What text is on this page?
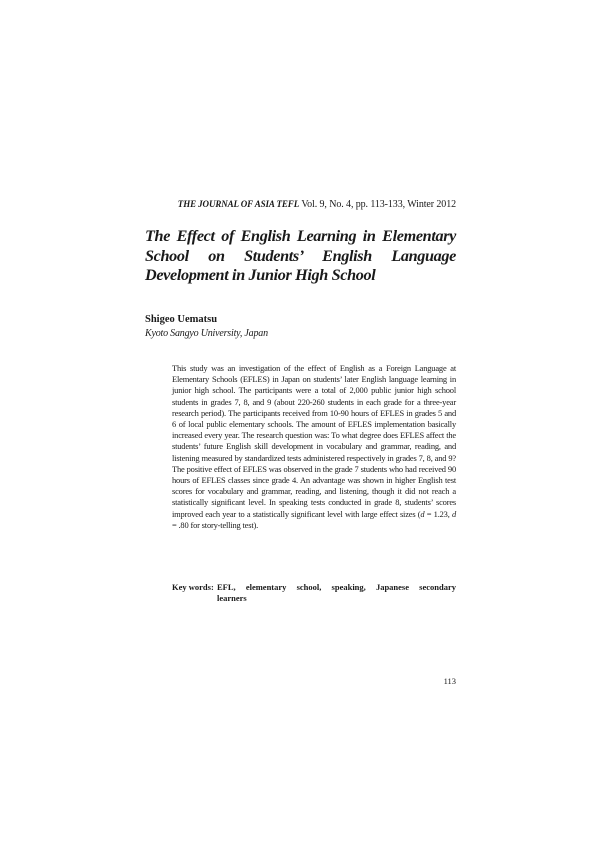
THE JOURNAL OF ASIA TEFL Vol. 9, No. 4, pp. 113-133, Winter 2012
The Effect of English Learning in Elementary School on Students’ English Language Development in Junior High School
Shigeo Uematsu
Kyoto Sangyo University, Japan

This study was an investigation of the effect of English as a Foreign Language at Elementary Schools (EFLES) in Japan on students’ later English language learning in junior high school. The participants were a total of 2,000 public junior high school students in grades 7, 8, and 9 (about 220-260 students in each grade for a three-year research period). The participants received from 10-90 hours of EFLES in grades 5 and 6 of local public elementary schools. The amount of EFLES implementation basically increased every year. The research question was: To what degree does EFLES affect the students’ future English skill development in vocabulary and grammar, reading, and listening measured by standardized tests administered respectively in grades 7, 8, and 9? The positive effect of EFLES was observed in the grade 7 students who had received 90 hours of EFLES classes since grade 4. An advantage was shown in higher English test scores for vocabulary and grammar, reading, and listening, though it did not reach a statistically significant level. In speaking tests conducted in grade 8, students’ scores improved each year to a statistically significant level with large effect sizes (d = 1.23, d = .80 for story-telling test).

Key words: EFL, elementary school, speaking, Japanese secondary learners
113
